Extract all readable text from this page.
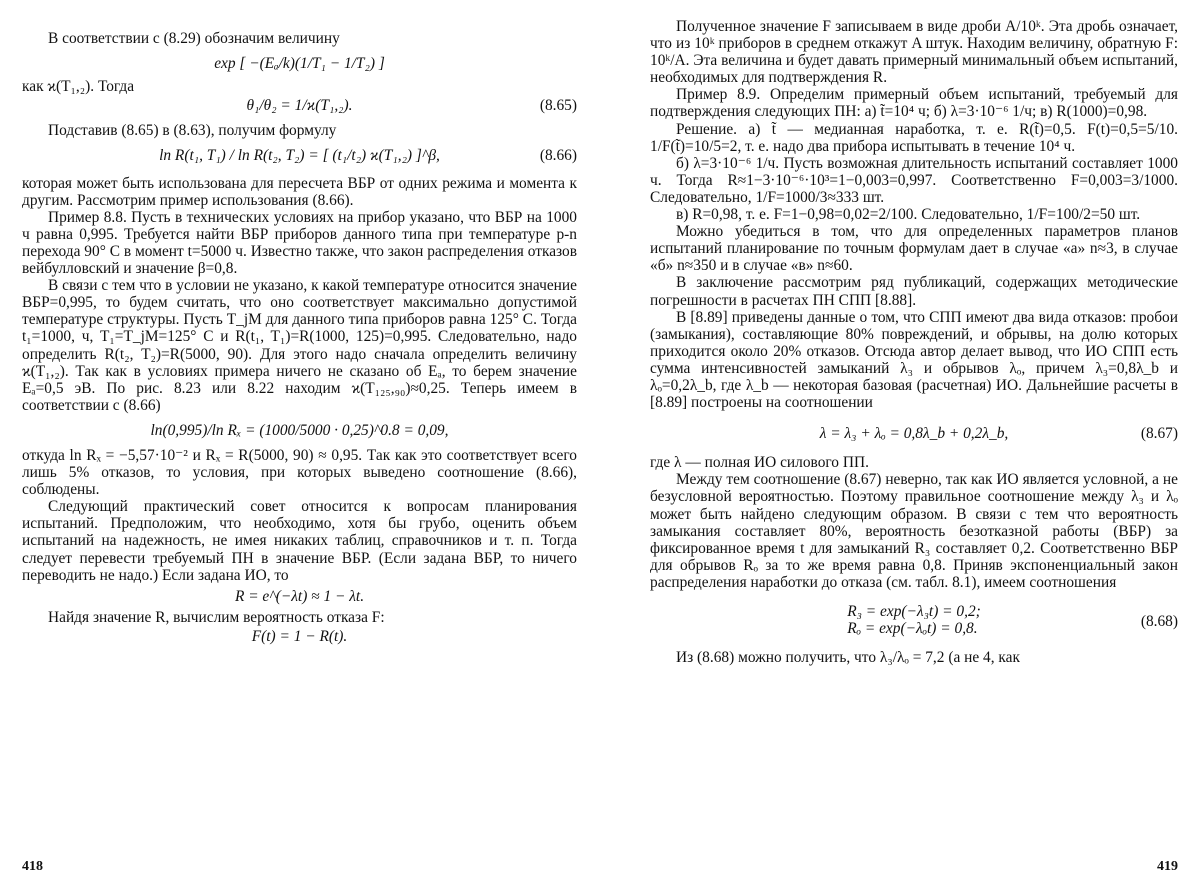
В соответствии с (8.29) обозначим величину

exp [ −(Eₐ/k)(1/T₁ − 1/T₂) ]

как ϰ(T₁,₂). Тогда

θ₁/θ₂ = 1/ϰ(T₁,₂).	(8.65)

Подставив (8.65) в (8.63), получим формулу

ln R(t₁, T₁) / ln R(t₂, T₂) = [ (t₁/t₂) ϰ(T₁,₂) ]^β,	(8.66)

которая может быть использована для пересчета ВБР от одних режима и момента к другим. Рассмотрим пример использования (8.66).

Пример 8.8. Пусть в технических условиях на прибор указано, что ВБР на 1000 ч равна 0,995. Требуется найти ВБР приборов данного типа при температуре p-n перехода 90° С в момент t=5000 ч. Известно также, что закон распределения отказов вейбулловский и значение β=0,8.

В связи с тем что в условии не указано, к какой температуре относится значение ВБР=0,995, то будем считать, что оно соответствует максимально допустимой температуре структуры. Пусть T_jM для данного типа приборов равна 125° С. Тогда t₁=1000, ч, T₁=T_jM=125° С и R(t₁, T₁)=R(1000, 125)=0,995. Следовательно, надо определить R(t₂, T₂)=R(5000, 90). Для этого надо сначала определить величину ϰ(T₁,₂). Так как в условиях примера ничего не сказано об Eₐ, то берем значение Eₐ=0,5 эВ. По рис. 8.23 или 8.22 находим ϰ(T₁₂₅,₉₀)≈0,25. Теперь имеем в соответствии с (8.66)

ln(0,995)/ln Rₓ = (1000/5000 · 0,25)^0.8 = 0,09,

откуда ln Rₓ = −5,57·10⁻² и Rₓ = R(5000, 90) ≈ 0,95. Так как это соответствует всего лишь 5% отказов, то условия, при которых выведено соотношение (8.66), соблюдены.

Следующий практический совет относится к вопросам планирования испытаний. Предположим, что необходимо, хотя бы грубо, оценить объем испытаний на надежность, не имея никаких таблиц, справочников и т. п. Тогда следует перевести требуемый ПН в значение ВБР. (Если задана ВБР, то ничего переводить не надо.) Если задана ИО, то

R = e^(−λt) ≈ 1 − λt.

Найдя значение R, вычислим вероятность отказа F:

F(t) = 1 − R(t).
418

Полученное значение F записываем в виде дроби A/10ᵏ. Эта дробь означает, что из 10ᵏ приборов в среднем откажут A штук. Находим величину, обратную F: 10ᵏ/A. Эта величина и будет давать примерный минимальный объем испытаний, необходимых для подтверждения R.

Пример 8.9. Определим примерный объем испытаний, требуемый для подтверждения следующих ПН: а) t̃=10⁴ ч; б) λ=3·10⁻⁶ 1/ч; в) R(1000)=0,98.

Решение. а) t̃ — медианная наработка, т. е. R(t̃)=0,5. F(t)=0,5=5/10. 1/F(t̃)=10/5=2, т. е. надо два прибора испытывать в течение 10⁴ ч.

б) λ=3·10⁻⁶ 1/ч. Пусть возможная длительность испытаний составляет 1000 ч. Тогда R≈1−3·10⁻⁶·10³=1−0,003=0,997. Соответственно F=0,003=3/1000. Следовательно, 1/F=1000/3≈333 шт.

в) R=0,98, т. е. F=1−0,98=0,02=2/100. Следовательно, 1/F=100/2=50 шт.

Можно убедиться в том, что для определенных параметров планов испытаний планирование по точным формулам дает в случае «а» n≈3, в случае «б» n≈350 и в случае «в» n≈60.

В заключение рассмотрим ряд публикаций, содержащих методические погрешности в расчетах ПН СПП [8.88].

В [8.89] приведены данные о том, что СПП имеют два вида отказов: пробои (замыкания), составляющие 80% повреждений, и обрывы, на долю которых приходится около 20% отказов. Отсюда автор делает вывод, что ИО СПП есть сумма интенсивностей замыканий λ₃ и обрывов λₒ, причем λ₃=0,8λ_b и λₒ=0,2λ_b, где λ_b — некоторая базовая (расчетная) ИО. Дальнейшие расчеты в [8.89] построены на соотношении

λ = λ₃ + λₒ = 0,8λ_b + 0,2λ_b,	(8.67)

где λ — полная ИО силового ПП.

Между тем соотношение (8.67) неверно, так как ИО является условной, а не безусловной вероятностью. Поэтому правильное соотношение между λ₃ и λₒ может быть найдено следующим образом. В связи с тем что вероятность замыкания составляет 80%, вероятность безотказной работы (ВБР) за фиксированное время t для замыканий R₃ составляет 0,2. Соответственно ВБР для обрывов Rₒ за то же время равна 0,8. Приняв экспоненциальный закон распределения наработки до отказа (см. табл. 8.1), имеем соотношения

R₃ = exp(−λ₃t) = 0,2;
Rₒ = exp(−λₒt) = 0,8.	(8.68)

Из (8.68) можно получить, что λ₃/λₒ = 7,2 (а не 4, как

419
